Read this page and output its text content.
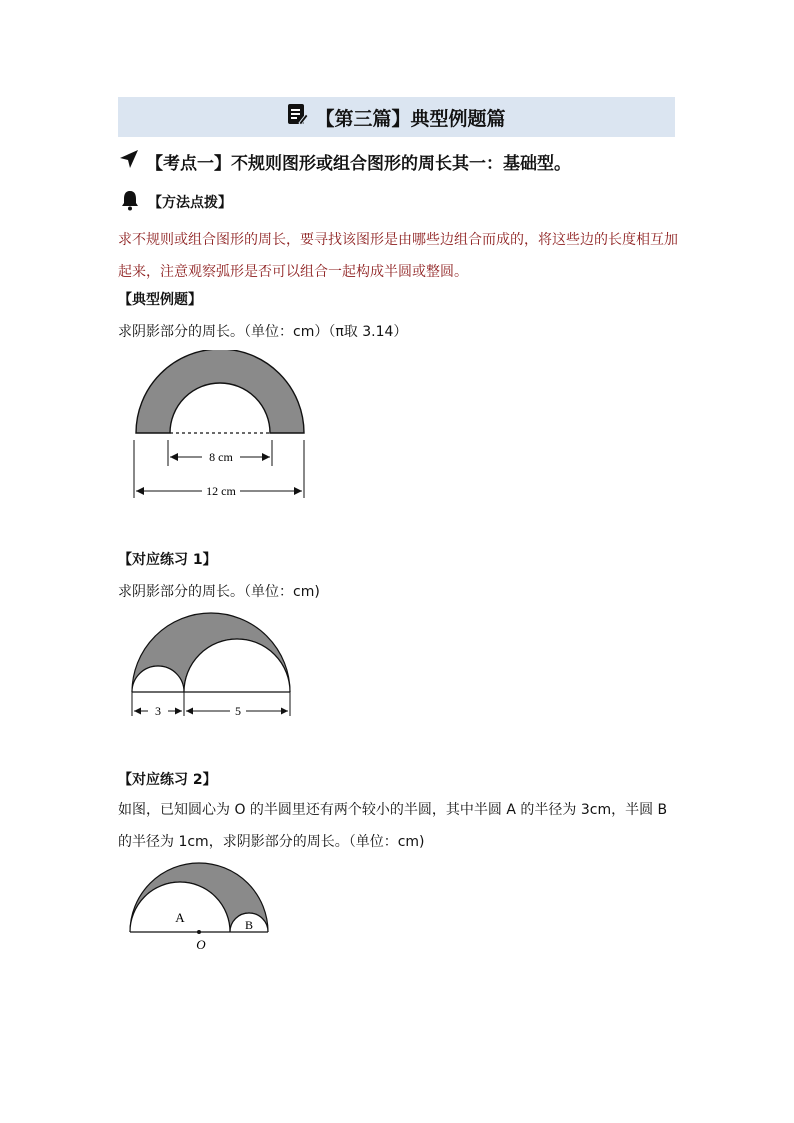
【第三篇】典型例题篇
【考点一】不规则图形或组合图形的周长其一：基础型。
【方法点拨】
求不规则或组合图形的周长，要寻找该图形是由哪些边组合而成的，将这些边的长度相互加起来，注意观察弧形是否可以组合一起构成半圆或整圆。
【典型例题】
求阴影部分的周长。（单位：cm）（π取 3.14）
8 cm
12 cm
【对应练习 1】
求阴影部分的周长。（单位：cm)
3	5
【对应练习 2】
如图，已知圆心为 O 的半圆里还有两个较小的半圆，其中半圆 A 的半径为 3cm，半圆 B 的半径为 1cm，求阴影部分的周长。（单位：cm)
A	B
O
